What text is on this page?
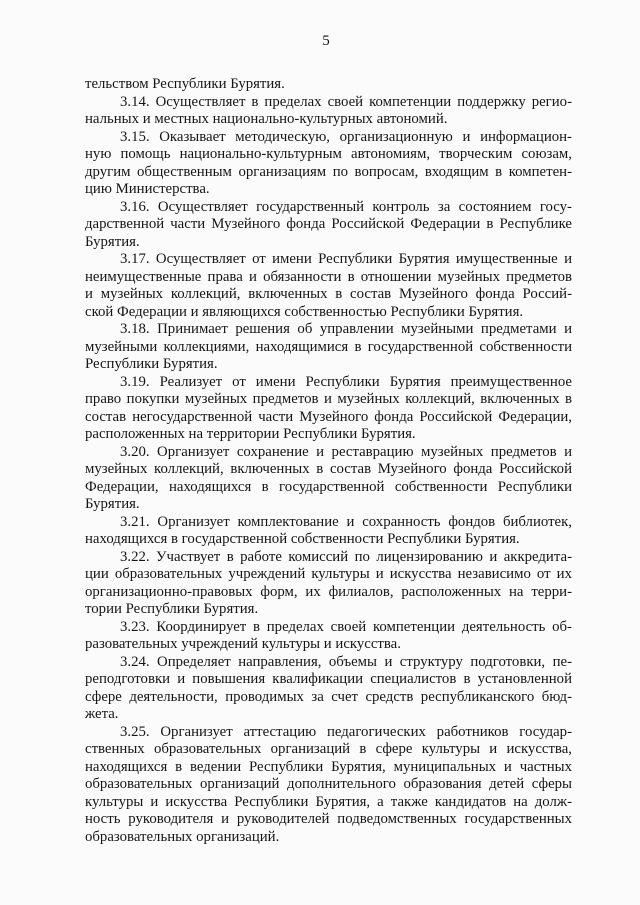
5
тельством Республики Бурятия.
3.14. Осуществляет в пределах своей компетенции поддержку регио-
нальных и местных национально-культурных автономий.
3.15. Оказывает методическую, организационную и информацион-
ную помощь национально-культурным автономиям, творческим союзам,
другим общественным организациям по вопросам, входящим в компетен-
цию Министерства.
3.16. Осуществляет государственный контроль за состоянием госу-
дарственной части Музейного фонда Российской Федерации в Республике
Бурятия.
3.17. Осуществляет от имени Республики Бурятия имущественные и
неимущественные права и обязанности в отношении музейных предметов
и музейных коллекций, включенных в состав Музейного фонда Россий-
ской Федерации и являющихся собственностью Республики Бурятия.
3.18. Принимает решения об управлении музейными предметами и
музейными коллекциями, находящимися в государственной собственности
Республики Бурятия.
3.19. Реализует от имени Республики Бурятия преимущественное
право покупки музейных предметов и музейных коллекций, включенных в
состав негосударственной части Музейного фонда Российской Федерации,
расположенных на территории Республики Бурятия.
3.20. Организует сохранение и реставрацию музейных предметов и
музейных коллекций, включенных в состав Музейного фонда Российской
Федерации, находящихся в государственной собственности Республики
Бурятия.
3.21. Организует комплектование и сохранность фондов библиотек,
находящихся в государственной собственности Республики Бурятия.
3.22. Участвует в работе комиссий по лицензированию и аккредита-
ции образовательных учреждений культуры и искусства независимо от их
организационно-правовых форм, их филиалов, расположенных на терри-
тории Республики Бурятия.
3.23. Координирует в пределах своей компетенции деятельность об-
разовательных учреждений культуры и искусства.
3.24. Определяет направления, объемы и структуру подготовки, пе-
реподготовки и повышения квалификации специалистов в установленной
сфере деятельности, проводимых за счет средств республиканского бюд-
жета.
3.25. Организует аттестацию педагогических работников государ-
ственных образовательных организаций в сфере культуры и искусства,
находящихся в ведении Республики Бурятия, муниципальных и частных
образовательных организаций дополнительного образования детей сферы
культуры и искусства Республики Бурятия, а также кандидатов на долж-
ность руководителя и руководителей подведомственных государственных
образовательных организаций.
